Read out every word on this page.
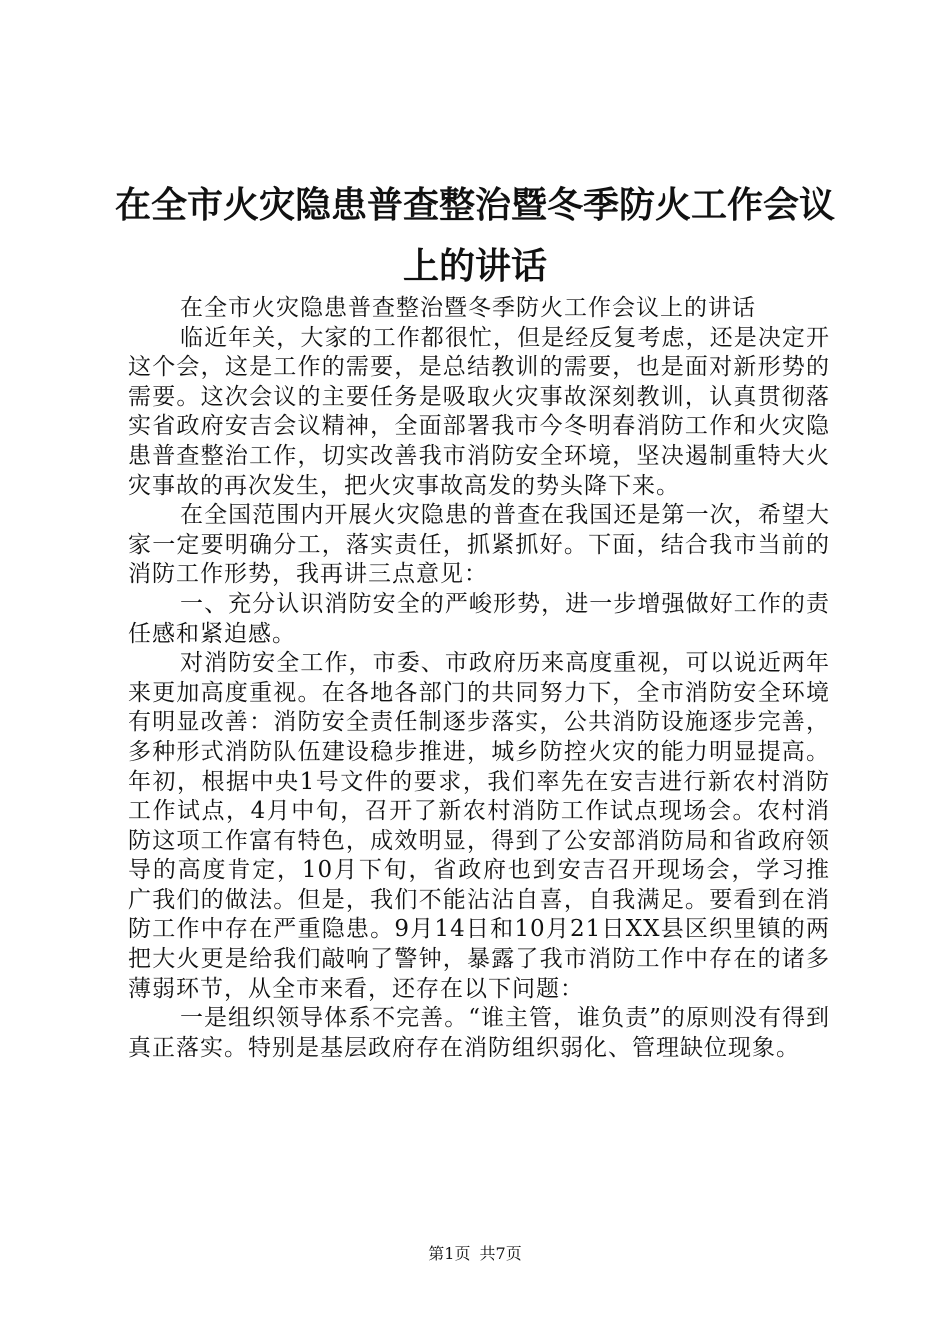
在全市火灾隐患普查整治暨冬季防火工作会议
上的讲话

在全市火灾隐患普查整治暨冬季防火工作会议上的讲话

临近年关，大家的工作都很忙，但是经反复考虑，还是决定开这个会，这是工作的需要，是总结教训的需要，也是面对新形势的需要。这次会议的主要任务是吸取火灾事故深刻教训，认真贯彻落实省政府安吉会议精神，全面部署我市今冬明春消防工作和火灾隐患普查整治工作，切实改善我市消防安全环境，坚决遏制重特大火灾事故的再次发生，把火灾事故高发的势头降下来。

在全国范围内开展火灾隐患的普查在我国还是第一次，希望大家一定要明确分工，落实责任，抓紧抓好。下面，结合我市当前的消防工作形势，我再讲三点意见：

一、充分认识消防安全的严峻形势，进一步增强做好工作的责任感和紧迫感。

对消防安全工作，市委、市政府历来高度重视，可以说近两年来更加高度重视。在各地各部门的共同努力下，全市消防安全环境有明显改善：消防安全责任制逐步落实，公共消防设施逐步完善，多种形式消防队伍建设稳步推进，城乡防控火灾的能力明显提高。年初，根据中央1号文件的要求，我们率先在安吉进行新农村消防工作试点，4月中旬，召开了新农村消防工作试点现场会。农村消防这项工作富有特色，成效明显，得到了公安部消防局和省政府领导的高度肯定，10月下旬，省政府也到安吉召开现场会，学习推广我们的做法。但是，我们不能沾沾自喜，自我满足。要看到在消防工作中存在严重隐患。9月14日和10月21日XX县区织里镇的两把大火更是给我们敲响了警钟，暴露了我市消防工作中存在的诸多薄弱环节，从全市来看，还存在以下问题：

一是组织领导体系不完善。“谁主管，谁负责”的原则没有得到真正落实。特别是基层政府存在消防组织弱化、管理缺位现象。

第1页 共7页
